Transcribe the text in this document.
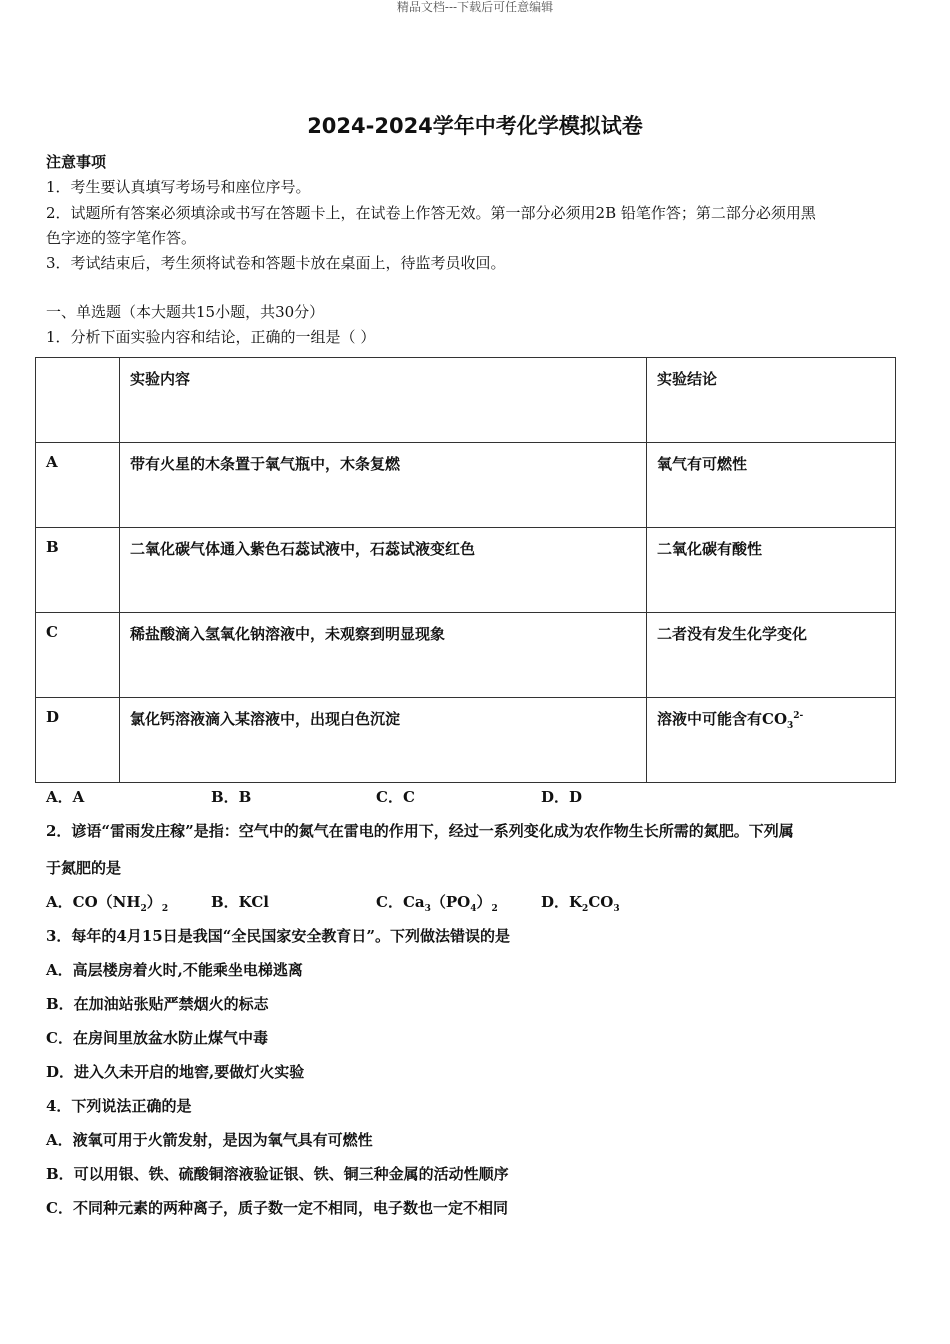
精品文档---下载后可任意编辑
2024-2024学年中考化学模拟试卷
注意事项
1．考生要认真填写考场号和座位序号。
2．试题所有答案必须填涂或书写在答题卡上，在试卷上作答无效。第一部分必须用2B 铅笔作答；第二部分必须用黑
色字迹的签字笔作答。
3．考试结束后，考生须将试卷和答题卡放在桌面上，待监考员收回。
一、单选题（本大题共15小题，共30分）
1．分析下面实验内容和结论，正确的一组是（ ）
	实验内容	实验结论
A	带有火星的木条置于氧气瓶中，木条复燃	氧气有可燃性
B	二氧化碳气体通入紫色石蕊试液中，石蕊试液变红色	二氧化碳有酸性
C	稀盐酸滴入氢氧化钠溶液中，未观察到明显现象	二者没有发生化学变化
D	氯化钙溶液滴入某溶液中，出现白色沉淀	溶液中可能含有$CO_3^{2-}$
A．A	B．B	C．C	D．D
2．谚语“雷雨发庄稼”是指：空气中的氮气在雷电的作用下，经过一系列变化成为农作物生长所需的氮肥。下列属
于氮肥的是
A．$CO(NH_2)_2$	B．KCl	C．$Ca_3(PO_4)_2$	D．$K_2CO_3$
3．每年的4月15日是我国“全民国家安全教育日”。下列做法错误的是
A．高层楼房着火时,不能乘坐电梯逃离
B．在加油站张贴严禁烟火的标志
C．在房间里放盆水防止煤气中毒
D．进入久未开启的地窖,要做灯火实验
4．下列说法正确的是
A．液氧可用于火箭发射，是因为氧气具有可燃性
B．可以用银、铁、硫酸铜溶液验证银、铁、铜三种金属的活动性顺序
C．不同种元素的两种离子，质子数一定不相同，电子数也一定不相同
